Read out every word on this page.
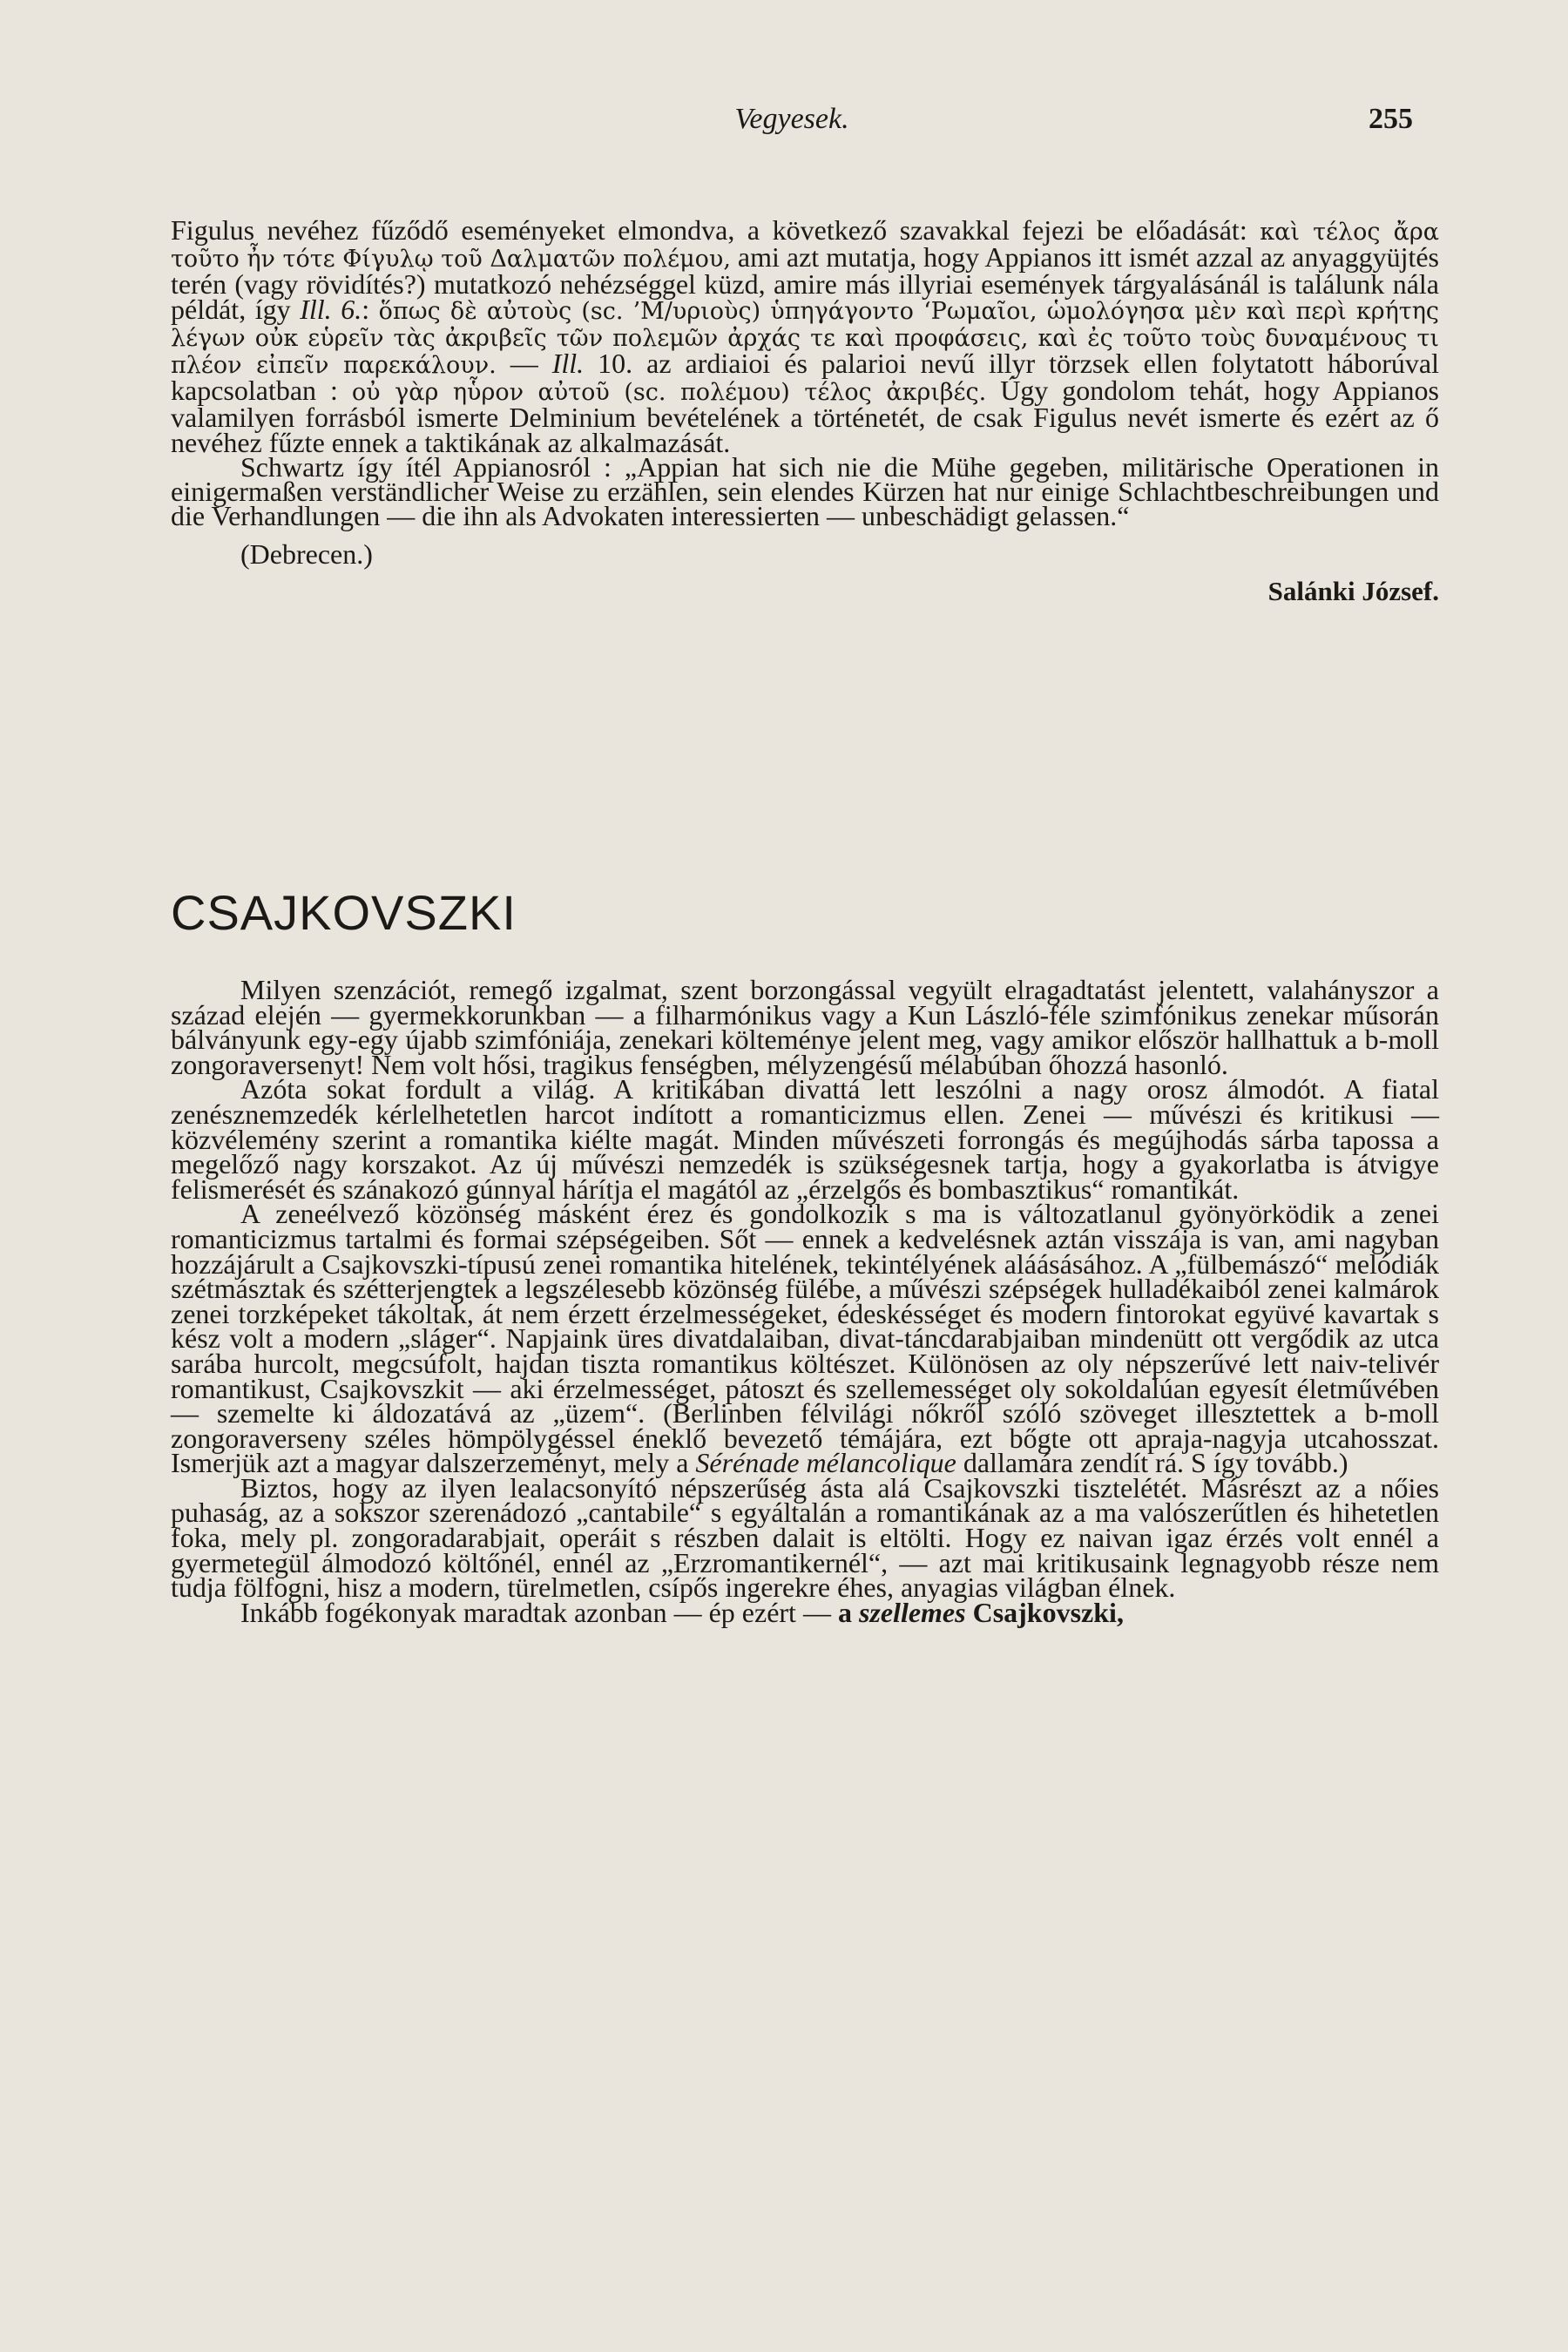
Vegyesek.	255

Figulus nevéhez fűződő eseményeket elmondva, a következő szavakkal fejezi be előadását: καὶ τέλος ἄρα τοῦτο ἦν τότε Φίγυλῳ τοῦ Δαλματῶν πολέμου, ami azt mutatja, hogy Appianos itt ismét azzal az anyaggyüjtés terén (vagy rövidítés?) mutatkozó nehézséggel küzd, amire más illyriai események tárgyalásánál is találunk nála példát, így Ill. 6.: ὅπως δὲ αὐτοὺς (sc. ’Μ/υριοὺς) ὑπηγάγοντο ‘Ρωμαῖοι, ὡμολόγησα μὲν καὶ περὶ κρήτης λέγων οὐκ εὑρεῖν τὰς ἀκριβεῖς τῶν πολεμῶν ἀρχάς τε καὶ προφάσεις, καὶ ἐς τοῦτο τοὺς δυναμένους τι πλέον εἰπεῖν παρεκάλουν. — Ill. 10. az ardiaioi és palarioi nevű illyr törzsek ellen folytatott háborúval kapcsolatban : οὐ γὰρ ηὗρον αὐτοῦ (sc. πολέμου) τέλος ἀκριβές. Úgy gondolom tehát, hogy Appianos valamilyen forrásból ismerte Delminium bevételének a történetét, de csak Figulus nevét ismerte és ezért az ő nevéhez fűzte ennek a taktikának az alkalmazását.

Schwartz így ítél Appianosról : „Appian hat sich nie die Mühe gegeben, militärische Operationen in einigermaßen verständlicher Weise zu erzählen, sein elendes Kürzen hat nur einige Schlachtbeschreibungen und die Verhandlungen — die ihn als Advokaten interessierten — unbeschädigt gelassen.“

(Debrecen.)
Salánki József.
CSAJKOVSZKI

Milyen szenzációt, remegő izgalmat, szent borzongással vegyült elragadtatást jelentett, valahányszor a század elején — gyermekkorunkban — a filharmónikus vagy a Kun László-féle szimfónikus zenekar műsorán bálványunk egy-egy újabb szimfóniája, zenekari költeménye jelent meg, vagy amikor először hallhattuk a b-moll zongoraversenyt! Nem volt hősi, tragikus fenségben, mélyzengésű mélabúban őhozzá hasonló.

Azóta sokat fordult a világ. A kritikában divattá lett leszólni a nagy orosz álmodót. A fiatal zenésznemzedék kérlelhetetlen harcot indított a romanticizmus ellen. Zenei — művészi és kritikusi — közvélemény szerint a romantika kiélte magát. Minden művészeti forrongás és megújhodás sárba tapossa a megelőző nagy korszakot. Az új művészi nemzedék is szükségesnek tartja, hogy a gyakorlatba is átvigye felismerését és szánakozó gúnnyal hárítja el magától az „érzelgős és bombasztikus“ romantikát.

A zeneélvező közönség másként érez és gondolkozik s ma is változatlanul gyönyörködik a zenei romanticizmus tartalmi és formai szépségeiben. Sőt — ennek a kedvelésnek aztán visszája is van, ami nagyban hozzájárult a Csajkovszki-típusú zenei romantika hitelének, tekintélyének aláásásához. A „fülbemászó“ melódiák szétmásztak és szétterjengtek a legszélesebb közönség fülébe, a művészi szépségek hulladékaiból zenei kalmárok zenei torzképeket tákoltak, át nem érzett érzelmességeket, édeskésséget és modern fintorokat együvé kavartak s kész volt a modern „sláger“. Napjaink üres divatdalaiban, divat-táncdarabjaiban mindenütt ott vergődik az utca sarába hurcolt, megcsúfolt, hajdan tiszta romantikus költészet. Különösen az oly népszerűvé lett naiv-telivér romantikust, Csajkovszkit — aki érzelmességet, pátoszt és szellemességet oly sokoldalúan egyesít életművében — szemelte ki áldozatává az „üzem“. (Berlinben félvilági nőkről szóló szöveget illesztettek a b-moll zongoraverseny széles hömpölygéssel éneklő bevezető témájára, ezt bőgte ott apraja-nagyja utcahosszat. Ismerjük azt a magyar dalszerzeményt, mely a Sérénade mélancolique dallamára zendít rá. S így tovább.)

Biztos, hogy az ilyen lealacsonyító népszerűség ásta alá Csajkovszki tisztelétét. Másrészt az a nőies puhaság, az a sokszor szerenádozó „cantabile“ s egyáltalán a romantikának az a ma valószerűtlen és hihetetlen foka, mely pl. zongoradarabjait, operáit s részben dalait is eltölti. Hogy ez naivan igaz érzés volt ennél a gyermetegül álmodozó költőnél, ennél az „Erzromantikernél“, — azt mai kritikusaink legnagyobb része nem tudja fölfogni, hisz a modern, türelmetlen, csípős ingerekre éhes, anyagias világban élnek.

Inkább fogékonyak maradtak azonban — ép ezért — a szellemes Csajkovszki,
